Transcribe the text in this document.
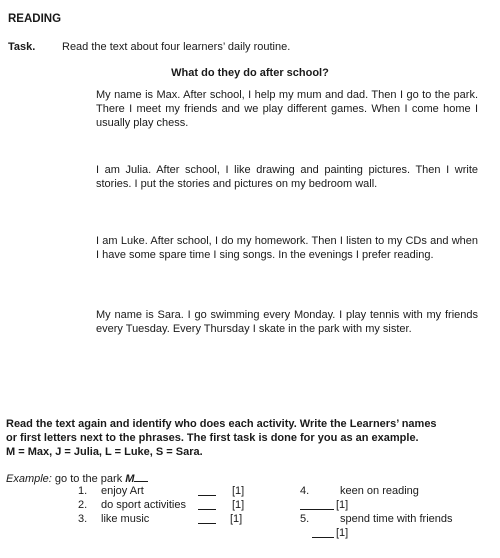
READING
Task. Read the text about four learners’ daily routine.
What do they do after school?
My name is Max. After school, I help my mum and dad. Then I go to the park. There I meet my friends and we play different games. When I come home I usually play chess.
I am Julia. After school, I like drawing and painting pictures. Then I write stories. I put the stories and pictures on my bedroom wall.
I am Luke. After school, I do my homework. Then I listen to my CDs and when I have some spare time I sing songs. In the evenings I prefer reading.
My name is Sara. I go swimming every Monday. I play tennis with my friends every Tuesday. Every Thursday I skate in the park with my sister.
Read the text again and identify who does each activity. Write the Learners’ names
or first letters next to the phrases. The first task is done for you as an example.
M = Max, J = Julia, L = Luke, S = Sara.
Example: go to the park M
1. enjoy Art	[1]
2. do sport activities	[1]
3. like music	[1]
4.	keen on reading
[1]
5.	spend time with friends
[1]
